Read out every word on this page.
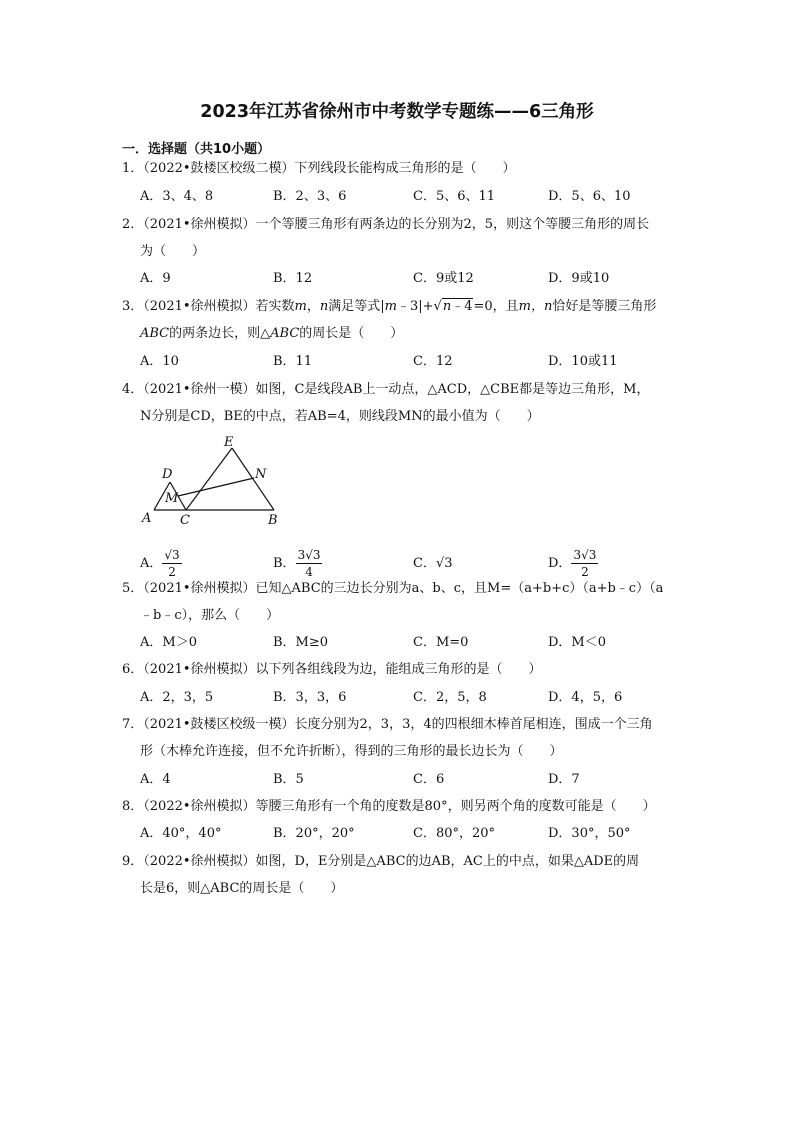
2023年江苏省徐州市中考数学专题练——6三角形
一．选择题（共10小题）
1．（2022•鼓楼区校级二模）下列线段长能构成三角形的是（　　）
A．3、4、8	B．2、3、6	C．5、6、11	D．5、6、10
2．（2021•徐州模拟）一个等腰三角形有两条边的长分别为2，5，则这个等腰三角形的周长
为（　　）
A．9	B．12	C．9或12	D．9或10
3．（2021•徐州模拟）若实数m，n满足等式|m﹣3|+√n﹣4=0，且m，n恰好是等腰三角形
ABC的两条边长，则△ABC的周长是（　　）
A．10	B．11	C．12	D．10或11
4．（2021•徐州一模）如图，C是线段AB上一动点，△ACD，△CBE都是等边三角形，M，
N分别是CD，BE的中点，若AB=4，则线段MN的最小值为（　　）
E
D	N
M
A C	B
A． $\frac{√3}{2}$	B． $\frac{3√3}{4}$	C．√3	D． $\frac{3√3}{2}$
5．（2021•徐州模拟）已知△ABC的三边长分别为a、b、c，且M=（a+b+c）（a+b﹣c）（a
﹣b﹣c），那么（　　）
A．M＞0	B．M≥0	C．M=0	D．M＜0
6．（2021•徐州模拟）以下列各组线段为边，能组成三角形的是（　　）
A．2，3，5	B．3，3，6	C．2，5，8	D．4，5，6
7．（2021•鼓楼区校级一模）长度分别为2，3，3，4的四根细木棒首尾相连，围成一个三角
形（木棒允许连接，但不允许折断），得到的三角形的最长边长为（　　）
A．4	B．5	C．6	D．7
8．（2022•徐州模拟）等腰三角形有一个角的度数是80°，则另两个角的度数可能是（　　）
A．40°，40°	B．20°，20°	C．80°，20°	D．30°，50°
9．（2022•徐州模拟）如图，D，E分别是△ABC的边AB，AC上的中点，如果△ADE的周
长是6，则△ABC的周长是（　　）
